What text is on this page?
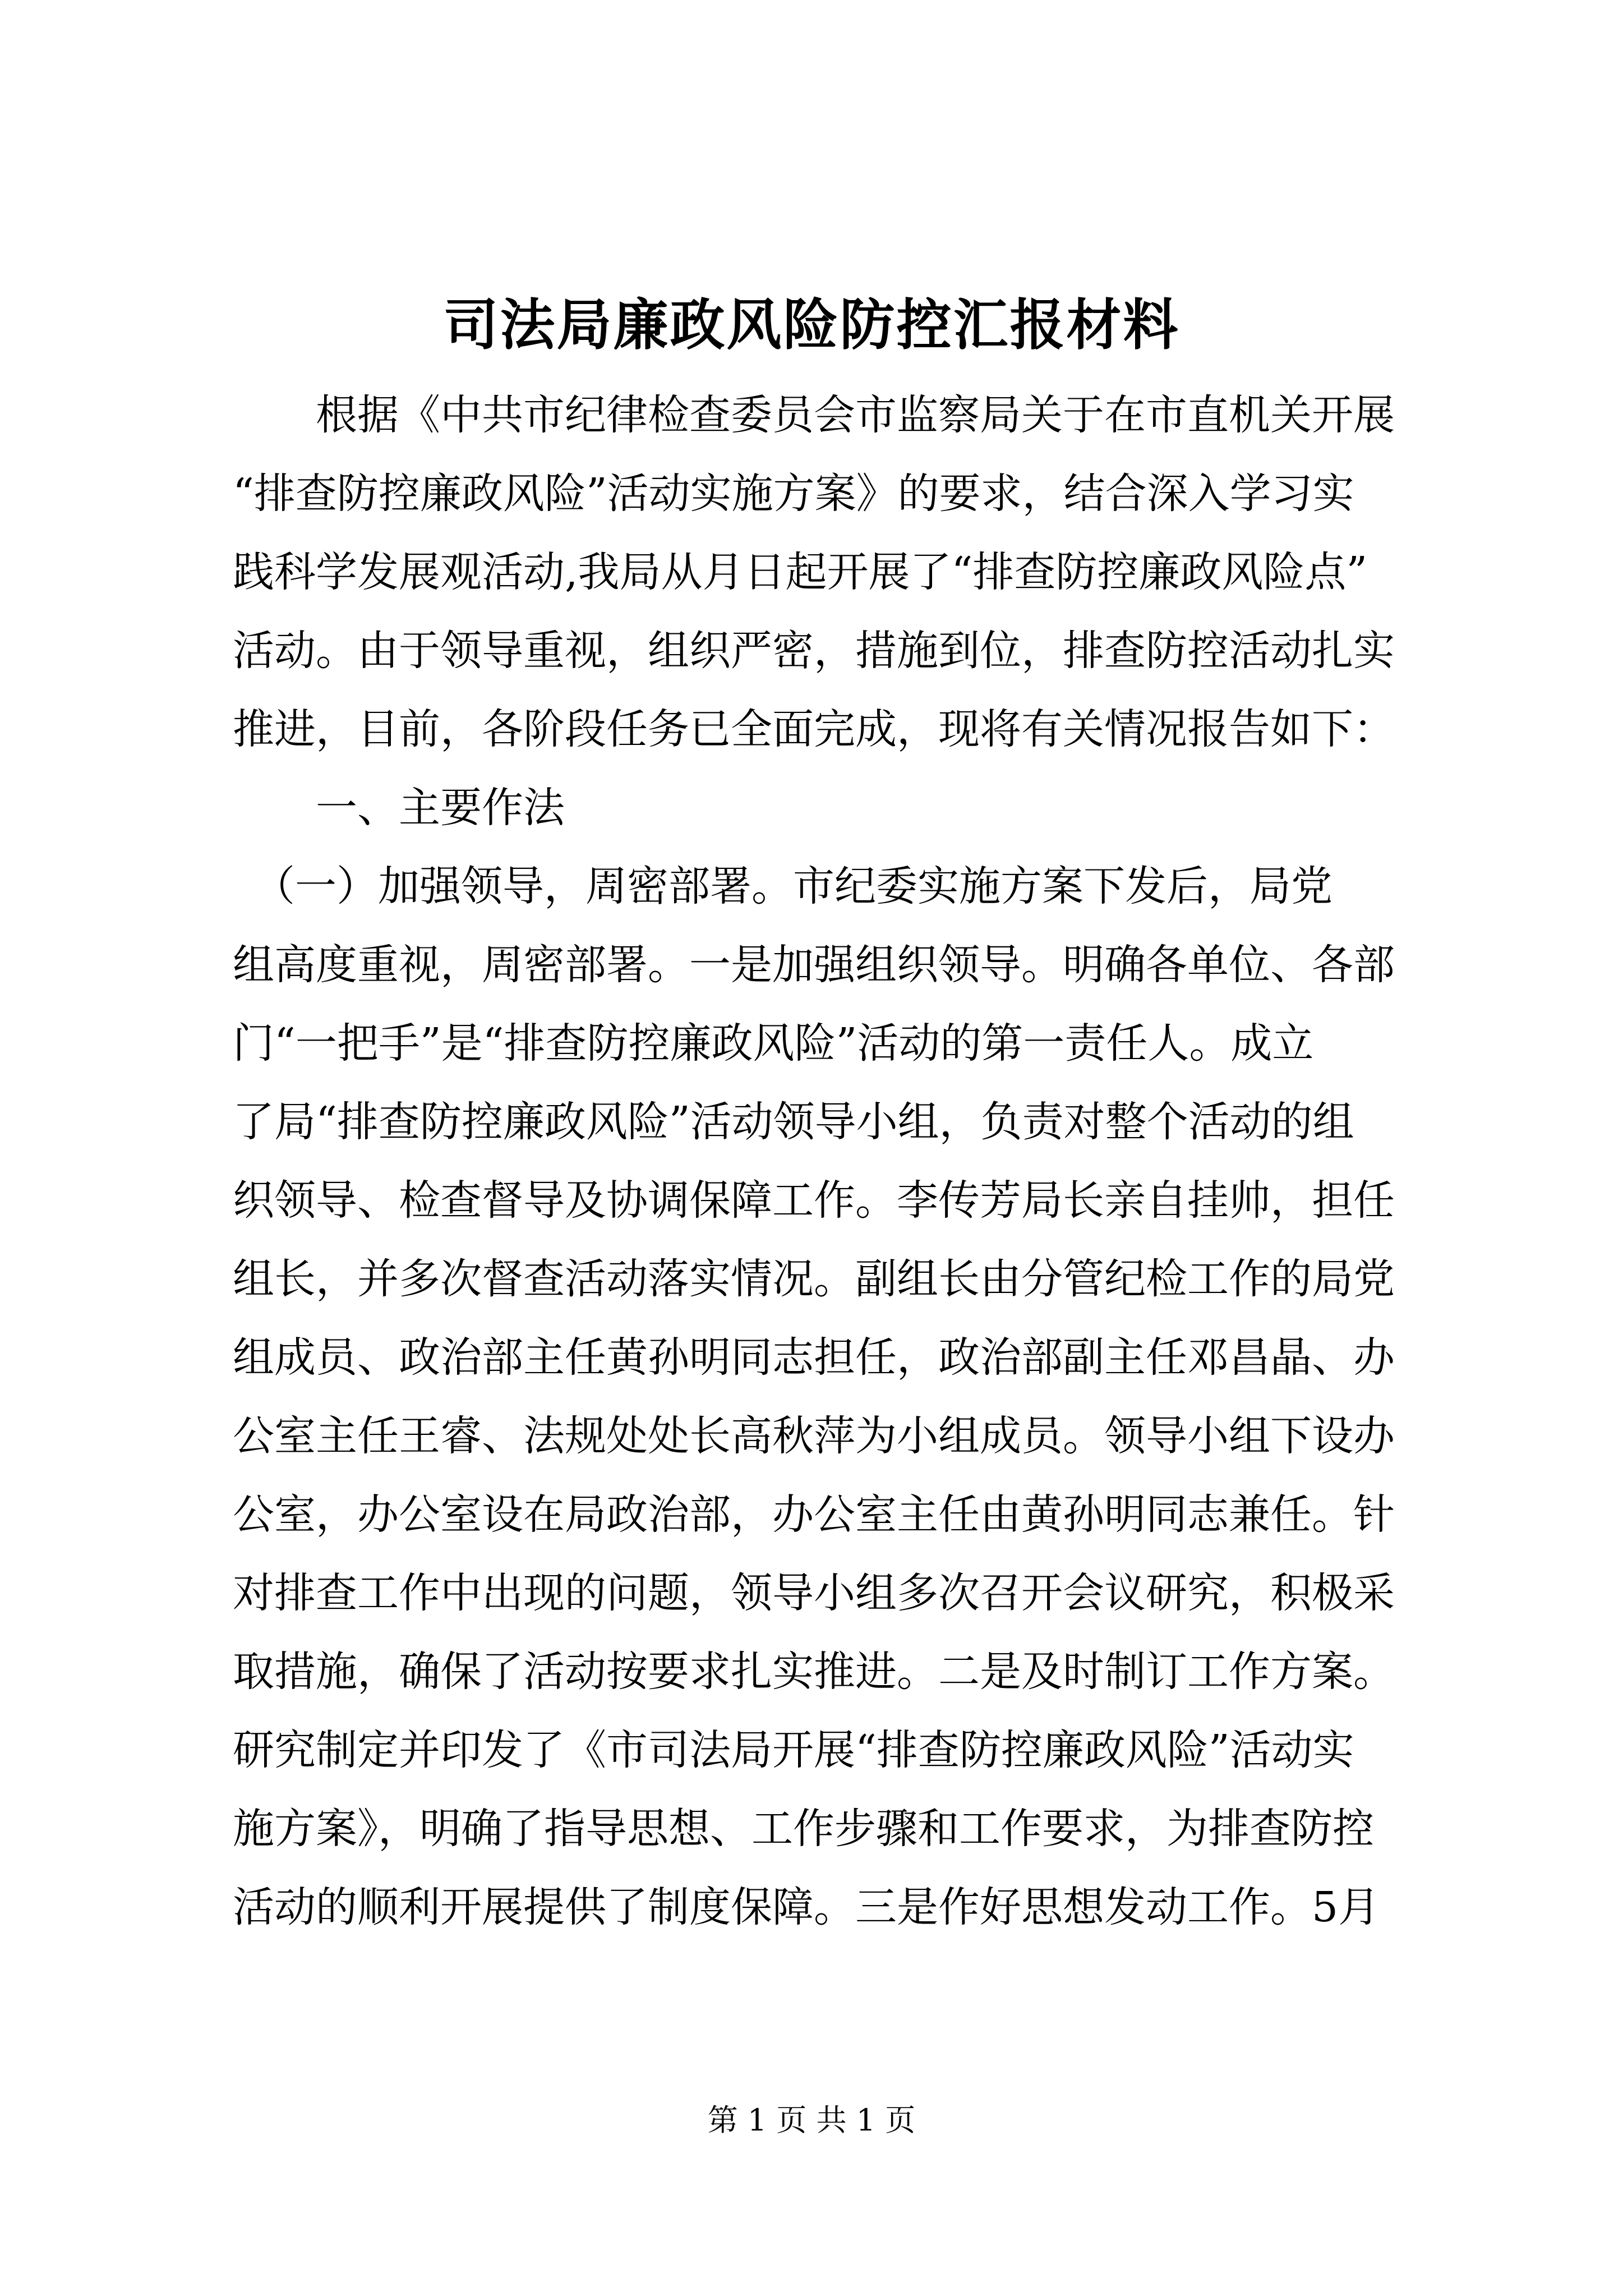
司法局廉政风险防控汇报材料
　　根据《中共市纪律检查委员会市监察局关于在市直机关开展
“排查防控廉政风险”活动实施方案》的要求，结合深入学习实
践科学发展观活动,我局从月日起开展了“排查防控廉政风险点”
活动。由于领导重视，组织严密，措施到位，排查防控活动扎实
推进，目前，各阶段任务已全面完成，现将有关情况报告如下：
　　一、主要作法
　（一）加强领导，周密部署。市纪委实施方案下发后，局党
组高度重视，周密部署。一是加强组织领导。明确各单位、各部
门“一把手”是“排查防控廉政风险”活动的第一责任人。成立
了局“排查防控廉政风险”活动领导小组，负责对整个活动的组
织领导、检查督导及协调保障工作。李传芳局长亲自挂帅，担任
组长，并多次督查活动落实情况。副组长由分管纪检工作的局党
组成员、政治部主任黄孙明同志担任，政治部副主任邓昌晶、办
公室主任王睿、法规处处长高秋萍为小组成员。领导小组下设办
公室，办公室设在局政治部，办公室主任由黄孙明同志兼任。针
对排查工作中出现的问题，领导小组多次召开会议研究，积极采
取措施，确保了活动按要求扎实推进。二是及时制订工作方案。
研究制定并印发了《市司法局开展“排查防控廉政风险”活动实
施方案》，明确了指导思想、工作步骤和工作要求，为排查防控
活动的顺利开展提供了制度保障。三是作好思想发动工作。5月
第 1 页 共 1 页
